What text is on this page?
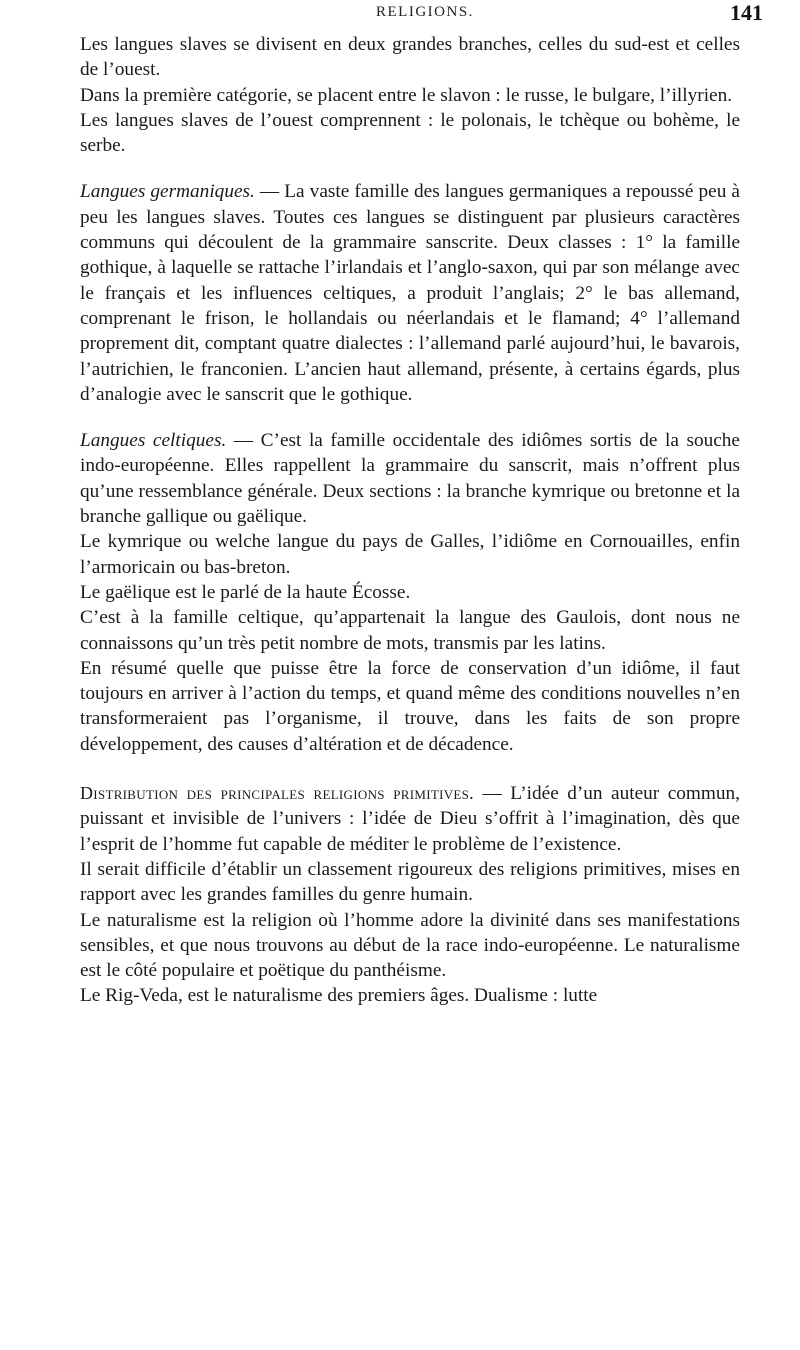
RELIGIONS.	141

Les langues slaves se divisent en deux grandes branches, celles du sud-est et celles de l’ouest.

Dans la première catégorie, se placent entre le slavon : le russe, le bulgare, l’illyrien.

Les langues slaves de l’ouest comprennent : le polonais, le tchèque ou bohème, le serbe.

Langues germaniques. — La vaste famille des langues germaniques a repoussé peu à peu les langues slaves. Toutes ces langues se distinguent par plusieurs caractères communs qui découlent de la grammaire sanscrite. Deux classes : 1° la famille gothique, à laquelle se rattache l’irlandais et l’anglo-saxon, qui par son mélange avec le français et les influences celtiques, a produit l’anglais; 2° le bas allemand, comprenant le frison, le hollandais ou néerlandais et le flamand; 4° l’allemand proprement dit, comptant quatre dialectes : l’allemand parlé aujourd’hui, le bavarois, l’autrichien, le franconien. L’ancien haut allemand, présente, à certains égards, plus d’analogie avec le sanscrit que le gothique.

Langues celtiques. — C’est la famille occidentale des idiômes sortis de la souche indo-européenne. Elles rappellent la grammaire du sanscrit, mais n’offrent plus qu’une ressemblance générale. Deux sections : la branche kymrique ou bretonne et la branche gallique ou gaëlique.

Le kymrique ou welche langue du pays de Galles, l’idiôme en Cornouailles, enfin l’armoricain ou bas-breton.

Le gaëlique est le parlé de la haute Écosse.

C’est à la famille celtique, qu’appartenait la langue des Gaulois, dont nous ne connaissons qu’un très petit nombre de mots, transmis par les latins.

En résumé quelle que puisse être la force de conservation d’un idiôme, il faut toujours en arriver à l’action du temps, et quand même des conditions nouvelles n’en transformeraient pas l’organisme, il trouve, dans les faits de son propre développement, des causes d’altération et de décadence.

Distribution des principales religions primitives. — L’idée d’un auteur commun, puissant et invisible de l’univers : l’idée de Dieu s’offrit à l’imagination, dès que l’esprit de l’homme fut capable de méditer le problème de l’existence.

Il serait difficile d’établir un classement rigoureux des religions primitives, mises en rapport avec les grandes familles du genre humain.

Le naturalisme est la religion où l’homme adore la divinité dans ses manifestations sensibles, et que nous trouvons au début de la race indo-européenne. Le naturalisme est le côté populaire et poëtique du panthéisme.

Le Rig-Veda, est le naturalisme des premiers âges. Dualisme : lutte
